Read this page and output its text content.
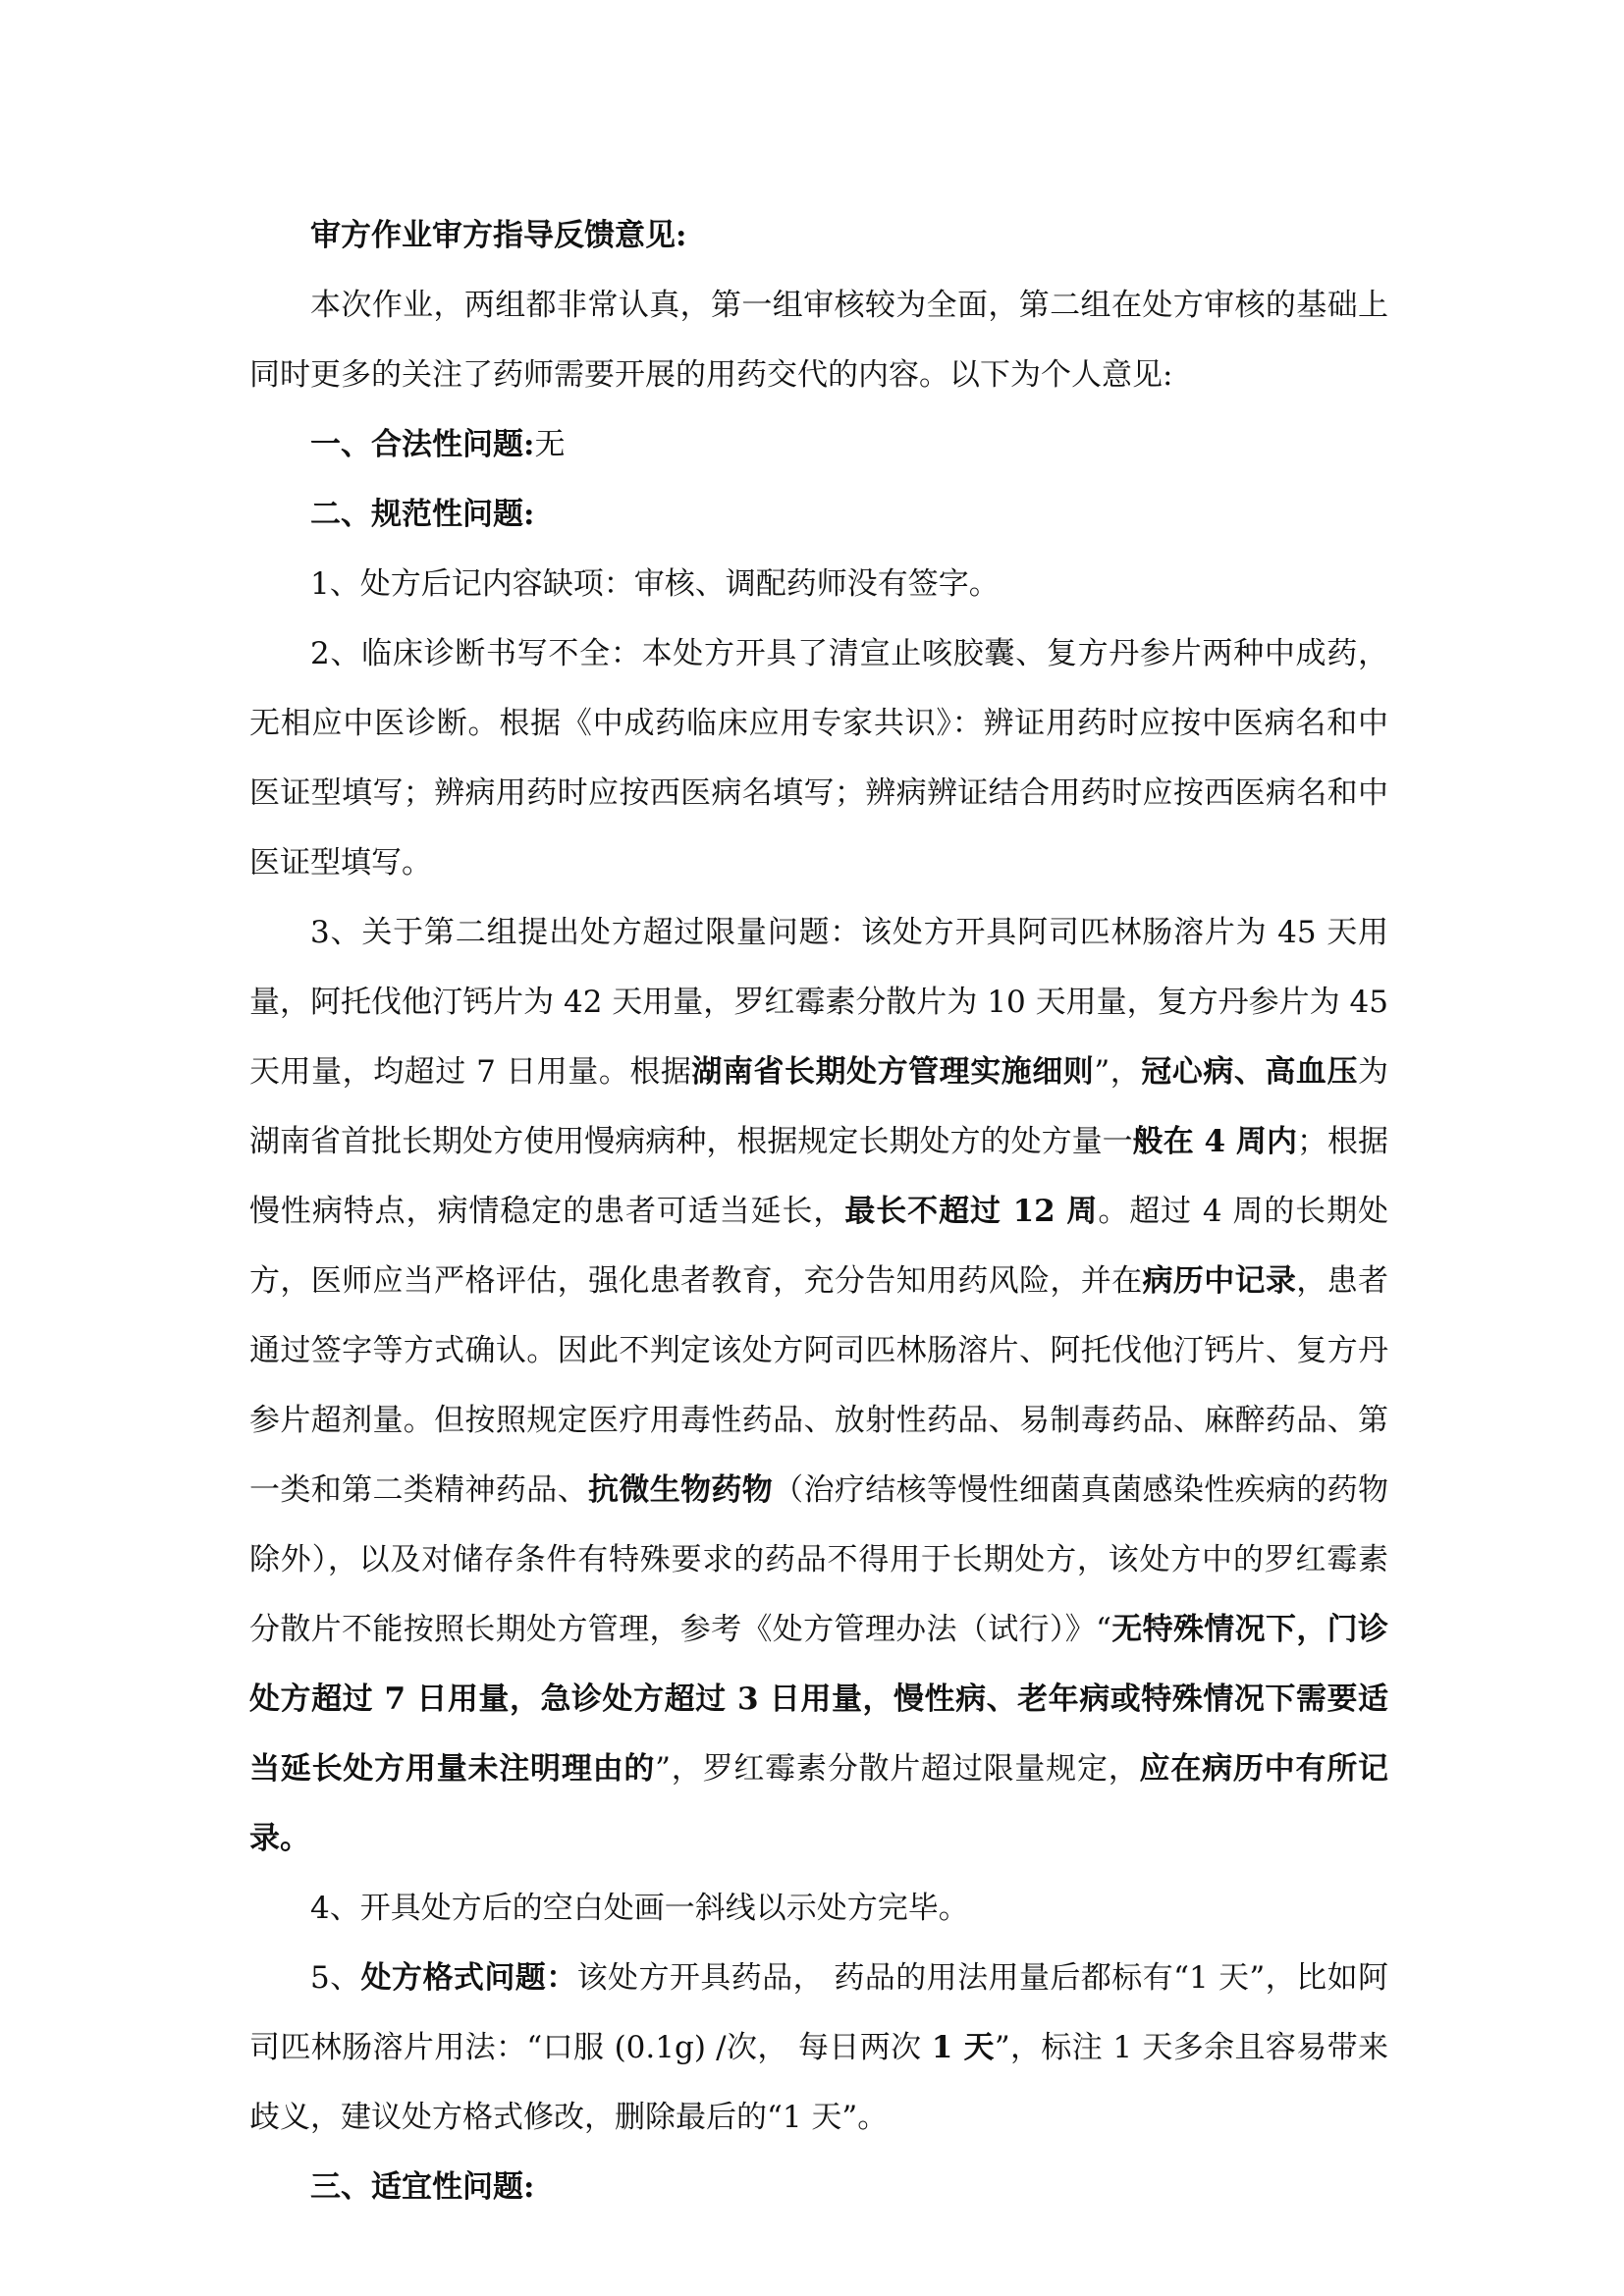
审方作业审方指导反馈意见:

本次作业，两组都非常认真，第一组审核较为全面，第二组在处方审核的基础上同时更多的关注了药师需要开展的用药交代的内容。以下为个人意见:

一、合法性问题:无

二、规范性问题:

1、处方后记内容缺项：审核、调配药师没有签字。

2、临床诊断书写不全：本处方开具了清宣止咳胶囊、复方丹参片两种中成药，无相应中医诊断。根据《中成药临床应用专家共识》：辨证用药时应按中医病名和中医证型填写；辨病用药时应按西医病名填写；辨病辨证结合用药时应按西医病名和中医证型填写。

3、关于第二组提出处方超过限量问题：该处方开具阿司匹林肠溶片为 45 天用量，阿托伐他汀钙片为 42 天用量，罗红霉素分散片为 10 天用量，复方丹参片为 45 天用量，均超过 7 日用量。根据湖南省长期处方管理实施细则”，冠心病、高血压为湖南省首批长期处方使用慢病病种，根据规定长期处方的处方量一般在 4 周内；根据慢性病特点，病情稳定的患者可适当延长，最长不超过 12 周。超过 4 周的长期处方，医师应当严格评估，强化患者教育，充分告知用药风险，并在病历中记录，患者通过签字等方式确认。因此不判定该处方阿司匹林肠溶片、阿托伐他汀钙片、复方丹参片超剂量。但按照规定医疗用毒性药品、放射性药品、易制毒药品、麻醉药品、第一类和第二类精神药品、抗微生物药物（治疗结核等慢性细菌真菌感染性疾病的药物除外），以及对储存条件有特殊要求的药品不得用于长期处方，该处方中的罗红霉素分散片不能按照长期处方管理，参考《处方管理办法（试行）》“无特殊情况下，门诊处方超过 7 日用量，急诊处方超过 3 日用量，慢性病、老年病或特殊情况下需要适当延长处方用量未注明理由的”，罗红霉素分散片超过限量规定，应在病历中有所记录。

4、开具处方后的空白处画一斜线以示处方完毕。

5、处方格式问题：该处方开具药品， 药品的用法用量后都标有“1 天”，比如阿司匹林肠溶片用法：“口服 (0.1g) /次， 每日两次 1 天”，标注 1 天多余且容易带来歧义，建议处方格式修改，删除最后的“1 天”。

三、适宜性问题:
